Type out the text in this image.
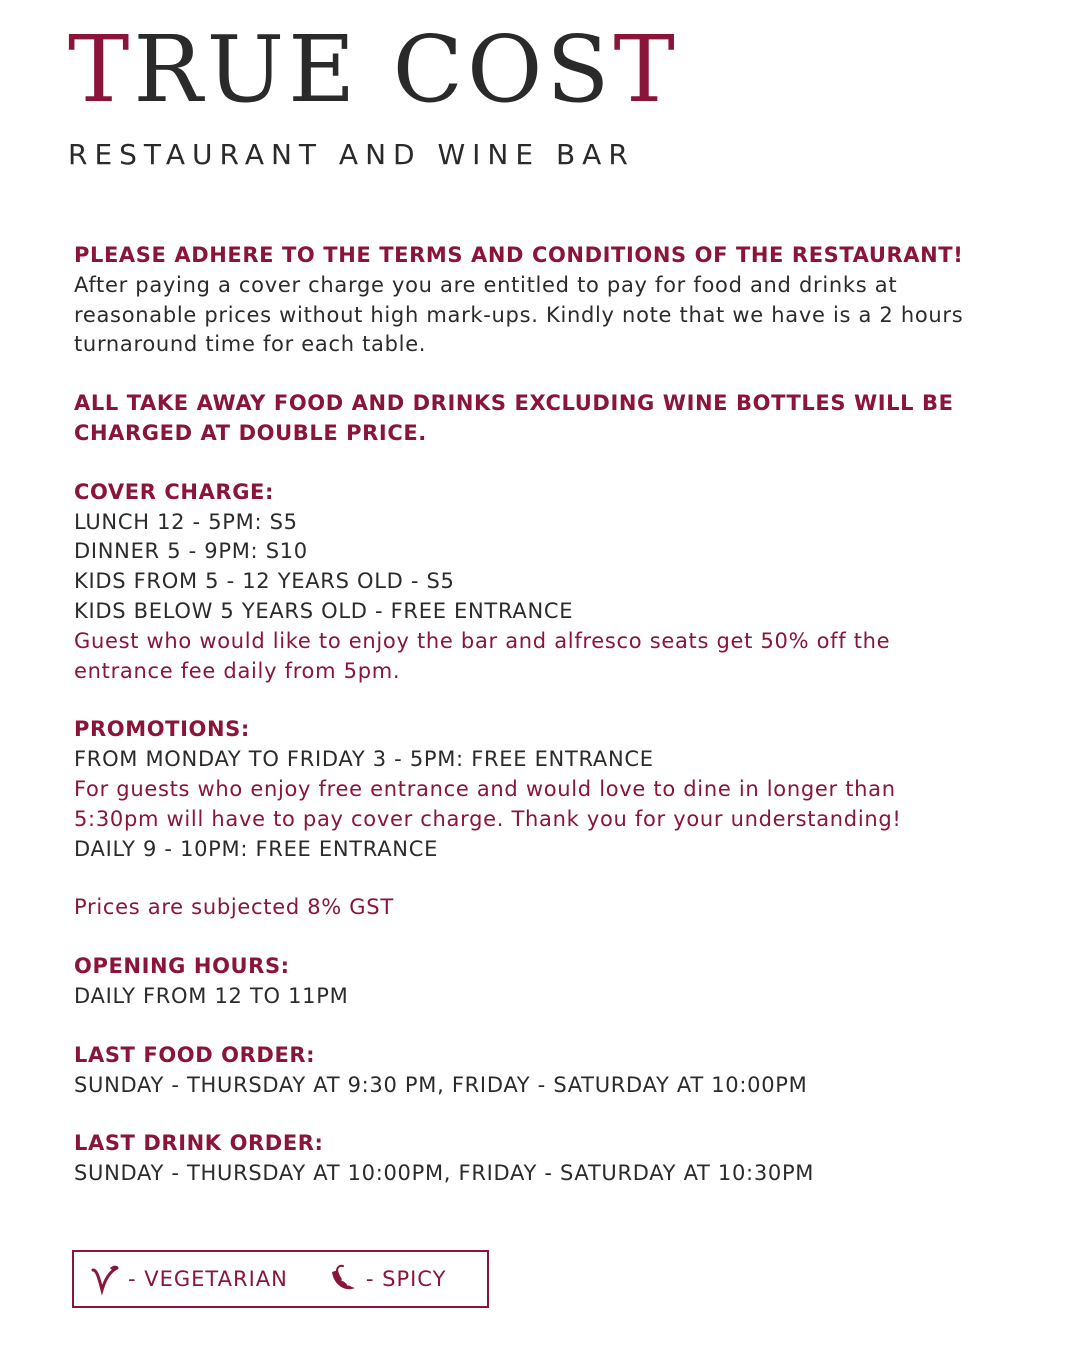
TRUE COST
RESTAURANT AND WINE BAR
PLEASE ADHERE TO THE TERMS AND CONDITIONS OF THE RESTAURANT!
After paying a cover charge you are entitled to pay for food and drinks at
reasonable prices without high mark-ups. Kindly note that we have is a 2 hours
turnaround time for each table.
ALL TAKE AWAY FOOD AND DRINKS EXCLUDING WINE BOTTLES WILL BE
CHARGED AT DOUBLE PRICE.
COVER CHARGE:
LUNCH 12 - 5PM: S5
DINNER 5 - 9PM: S10
KIDS FROM 5 - 12 YEARS OLD - S5
KIDS BELOW 5 YEARS OLD - FREE ENTRANCE
Guest who would like to enjoy the bar and alfresco seats get 50% off the
entrance fee daily from 5pm.
PROMOTIONS:
FROM MONDAY TO FRIDAY 3 - 5PM: FREE ENTRANCE
For guests who enjoy free entrance and would love to dine in longer than
5:30pm will have to pay cover charge. Thank you for your understanding!
DAILY 9 - 10PM: FREE ENTRANCE
Prices are subjected 8% GST
OPENING HOURS:
DAILY FROM 12 TO 11PM
LAST FOOD ORDER:
SUNDAY - THURSDAY AT 9:30 PM, FRIDAY - SATURDAY AT 10:00PM
LAST DRINK ORDER:
SUNDAY - THURSDAY AT 10:00PM, FRIDAY - SATURDAY AT 10:30PM
- VEGETARIAN	- SPICY
